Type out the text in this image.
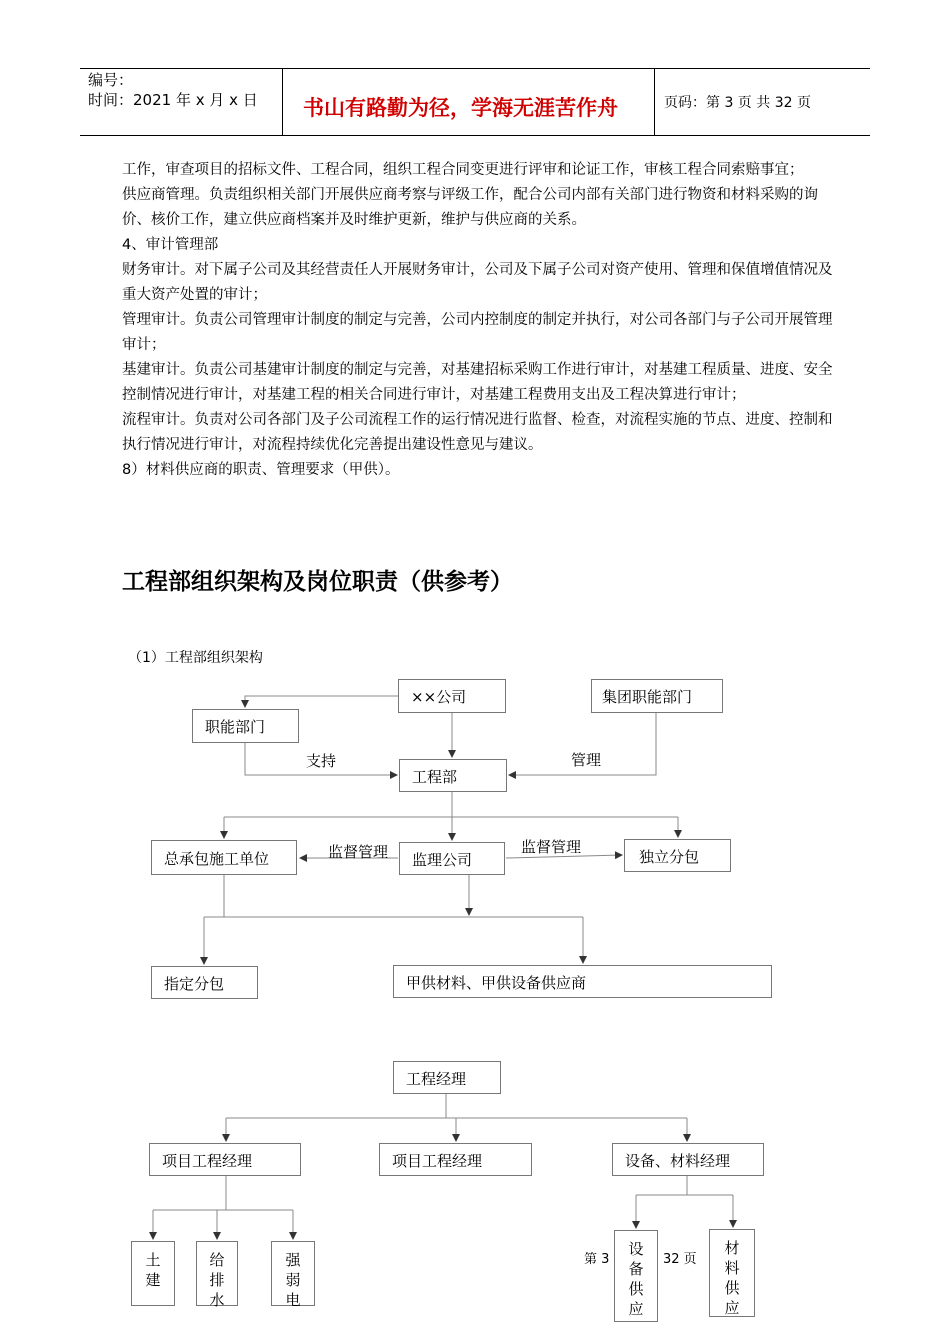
编号：
时间：2021 年 x 月 x 日 书山有路勤为径，学海无涯苦作舟	页码：第 3 页 共 32 页

工作，审查项目的招标文件、工程合同，组织工程合同变更进行评审和论证工作，审核工程合同索赔事宜；

供应商管理。负责组织相关部门开展供应商考察与评级工作，配合公司内部有关部门进行物资和材料采购的询价、核价工作，建立供应商档案并及时维护更新，维护与供应商的关系。

4、审计管理部

财务审计。对下属子公司及其经营责任人开展财务审计，公司及下属子公司对资产使用、管理和保值增值情况及重大资产处置的审计；

管理审计。负责公司管理审计制度的制定与完善，公司内控制度的制定并执行，对公司各部门与子公司开展管理审计；

基建审计。负责公司基建审计制度的制定与完善，对基建招标采购工作进行审计，对基建工程质量、进度、安全控制情况进行审计，对基建工程的相关合同进行审计，对基建工程费用支出及工程决算进行审计；

流程审计。负责对公司各部门及子公司流程工作的运行情况进行监督、检查，对流程实施的节点、进度、控制和执行情况进行审计，对流程持续优化完善提出建设性意见与建议。

8）材料供应商的职责、管理要求（甲供）。

工程部组织架构及岗位职责（供参考）
（1）工程部组织架构
××公司	集团职能部门
职能部门
支持	管理
工程部
总承包施工单位	监督管理	监理公司
监督管理
独立分包
指定分包	甲供材料、甲供设备供应商
工程经理
项目工程经理	项目工程经理	设备、材料经理
土建
给排水
强弱电
设备供应
材料供应
第 3	32 页
